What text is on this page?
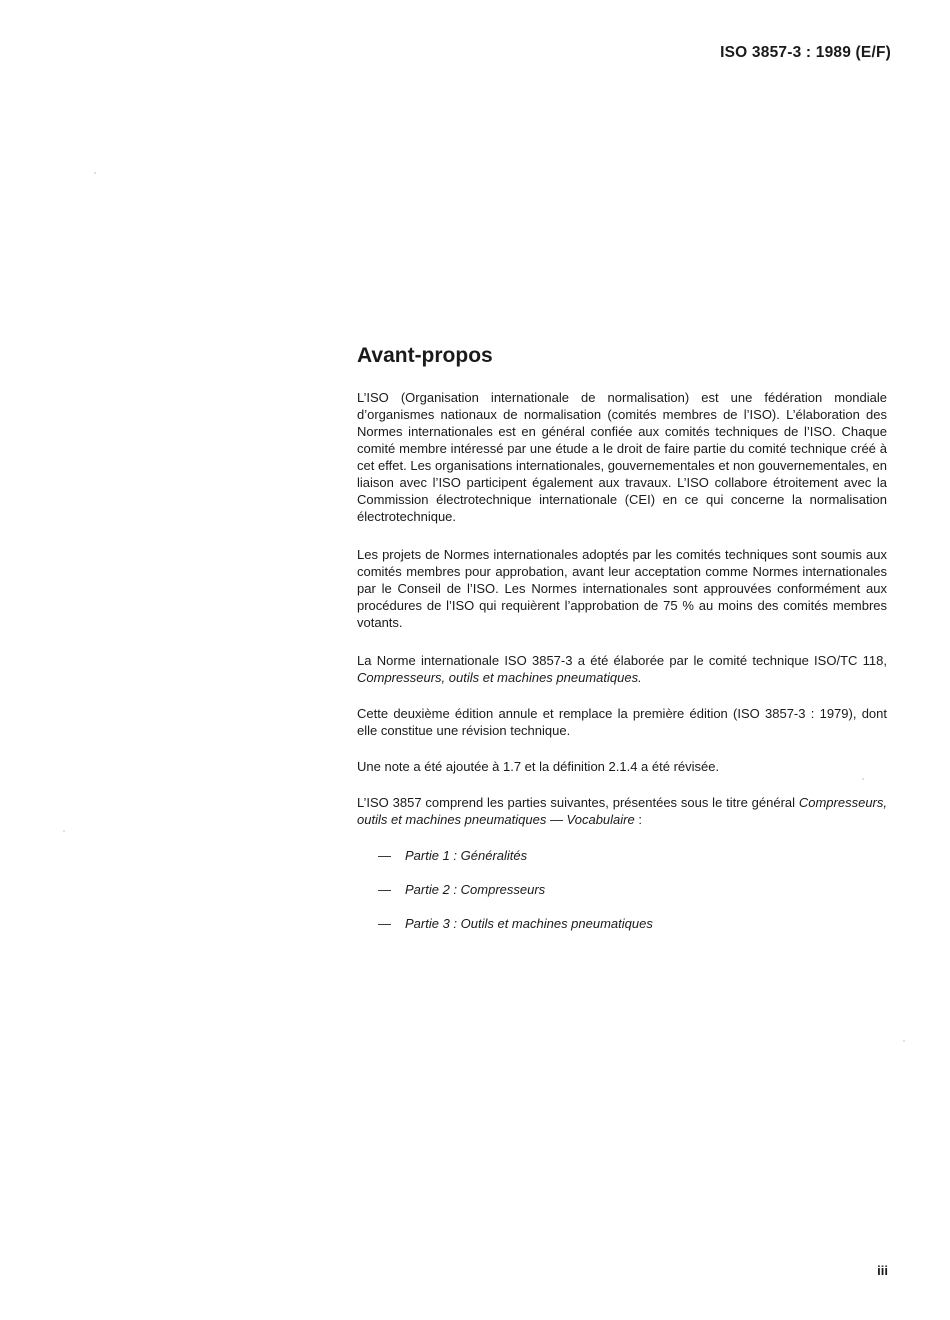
ISO 3857-3 : 1989 (E/F)
Avant-propos

L’ISO (Organisation internationale de normalisation) est une fédération mondiale d’organismes nationaux de normalisation (comités membres de l’ISO). L’élaboration des Normes internationales est en général confiée aux comités techniques de l’ISO. Chaque comité membre intéressé par une étude a le droit de faire partie du comité technique créé à cet effet. Les organisations internationales, gouvernementales et non gouvernementales, en liaison avec l’ISO participent également aux travaux. L’ISO collabore étroitement avec la Commission électrotechnique internationale (CEI) en ce qui concerne la normalisation électrotechnique.

Les projets de Normes internationales adoptés par les comités techniques sont soumis aux comités membres pour approbation, avant leur acceptation comme Normes internationales par le Conseil de l’ISO. Les Normes internationales sont approuvées conformément aux procédures de l’ISO qui requièrent l’approbation de 75 % au moins des comités membres votants.

La Norme internationale ISO 3857-3 a été élaborée par le comité technique ISO/TC 118, Compresseurs, outils et machines pneumatiques.

Cette deuxième édition annule et remplace la première édition (ISO 3857-3 : 1979), dont elle constitue une révision technique.

Une note a été ajoutée à 1.7 et la définition 2.1.4 a été révisée.

L’ISO 3857 comprend les parties suivantes, présentées sous le titre général Compresseurs, outils et machines pneumatiques — Vocabulaire :

— Partie 1 : Généralités
— Partie 2 : Compresseurs
— Partie 3 : Outils et machines pneumatiques
iii
